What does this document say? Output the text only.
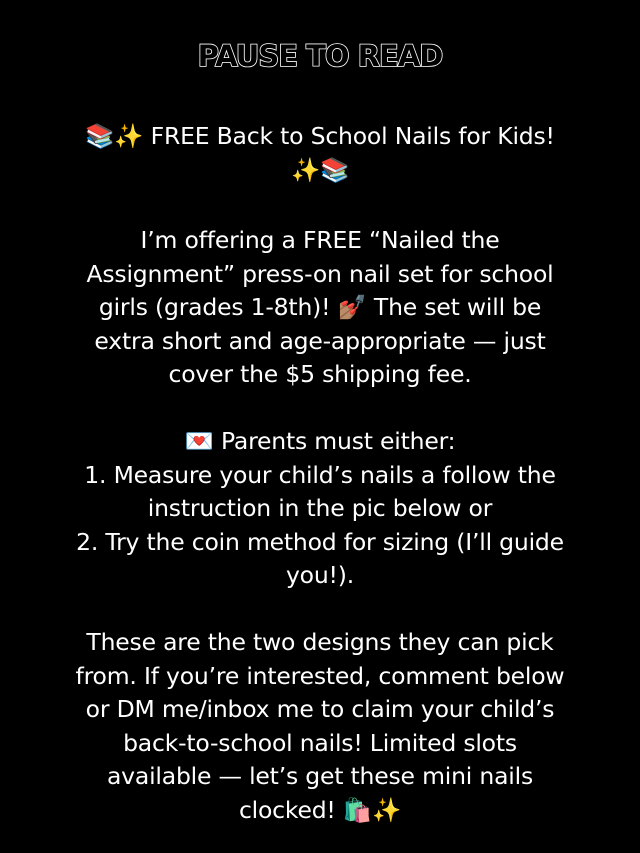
PAUSE TO READ

📚✨ FREE Back to School Nails for Kids!

✨📚

I’m offering a FREE “Nailed the

Assignment” press-on nail set for school

girls (grades 1-8th)! 💅🏽 The set will be

extra short and age-appropriate — just

cover the $5 shipping fee.

💌 Parents must either:

1. Measure your child’s nails a follow the

instruction in the pic below or

2. Try the coin method for sizing (I’ll guide

you!).

These are the two designs they can pick

from. If you’re interested, comment below

or DM me/inbox me to claim your child’s

back-to-school nails! Limited slots

available — let’s get these mini nails

clocked! 🛍️✨
